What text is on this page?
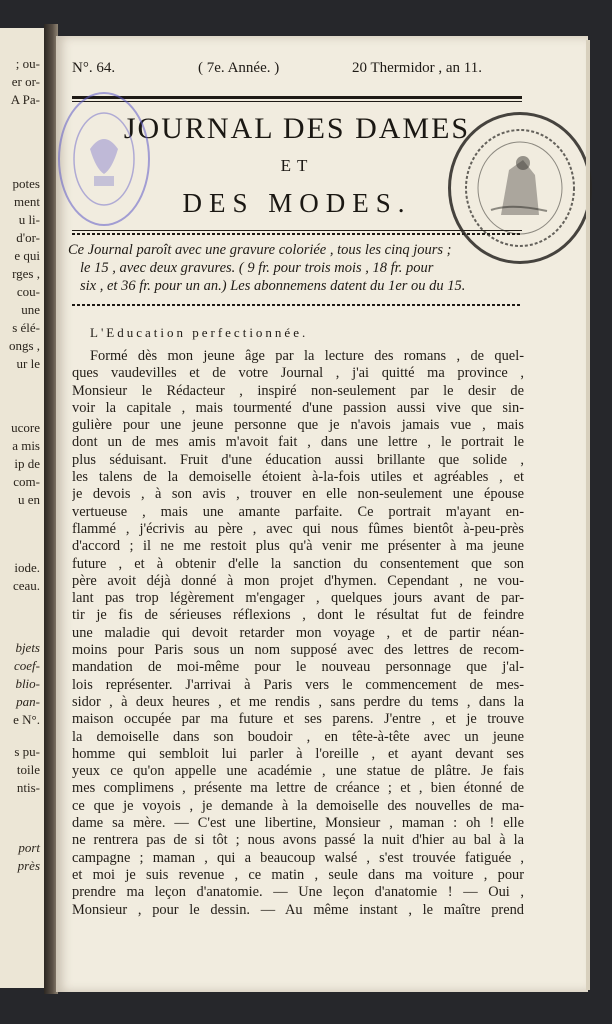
; ou-
er or-
A Pa-
potes
ment
u li-
d'or-
e qui
rges ,
cou-
une
s élé-
ongs ,
ur le
ucore
a mis
ip de
com-
u en
iode.
ceau.
bjets
coef-
blio-
pan-
e N°.
s pu-
toile
ntis-
port
près
N°. 64.	( 7e. Année. )	20 Thermidor , an 11.
JOURNAL DES DAMES
ET
DES MODES.
Ce Journal paroît avec une gravure coloriée , tous les cinq jours ;
le 15 , avec deux gravures. ( 9 fr. pour trois mois , 18 fr. pour
six , et 36 fr. pour un an.) Les abonnemens datent du 1er ou du 15.
L'Education perfectionnée.
Formé dès mon jeune âge par la lecture des romans , de quel-
ques vaudevilles et de votre Journal , j'ai quitté ma province ,
Monsieur le Rédacteur , inspiré non-seulement par le desir de
voir la capitale , mais tourmenté d'une passion aussi vive que sin-
gulière pour une jeune personne que je n'avois jamais vue , mais
dont un de mes amis m'avoit fait , dans une lettre , le portrait le
plus séduisant. Fruit d'une éducation aussi brillante que solide ,
les talens de la demoiselle étoient à-la-fois utiles et agréables , et
je devois , à son avis , trouver en elle non-seulement une épouse
vertueuse , mais une amante parfaite. Ce portrait m'ayant en-
flammé , j'écrivis au père , avec qui nous fûmes bientôt à-peu-près
d'accord ; il ne me restoit plus qu'à venir me présenter à ma jeune
future , et à obtenir d'elle la sanction du consentement que son
père avoit déjà donné à mon projet d'hymen. Cependant , ne vou-
lant pas trop légèrement m'engager , quelques jours avant de par-
tir je fis de sérieuses réflexions , dont le résultat fut de feindre
une maladie qui devoit retarder mon voyage , et de partir néan-
moins pour Paris sous un nom supposé avec des lettres de recom-
mandation de moi-même pour le nouveau personnage que j'al-
lois représenter. J'arrivai à Paris vers le commencement de mes-
sidor , à deux heures , et me rendis , sans perdre du tems , dans la
maison occupée par ma future et ses parens. J'entre , et je trouve
la demoiselle dans son boudoir , en tête-à-tête avec un jeune
homme qui sembloit lui parler à l'oreille , et ayant devant ses
yeux ce qu'on appelle une académie , une statue de plâtre. Je fais
mes complimens , présente ma lettre de créance ; et , bien étonné de
ce que je voyois , je demande à la demoiselle des nouvelles de ma-
dame sa mère. — C'est une libertine, Monsieur , maman : oh ! elle
ne rentrera pas de si tôt ; nous avons passé la nuit d'hier au bal à la
campagne ; maman , qui a beaucoup walsé , s'est trouvée fatiguée ,
et moi je suis revenue , ce matin , seule dans ma voiture , pour
prendre ma leçon d'anatomie. — Une leçon d'anatomie ! — Oui ,
Monsieur , pour le dessin. — Au même instant , le maître prend
